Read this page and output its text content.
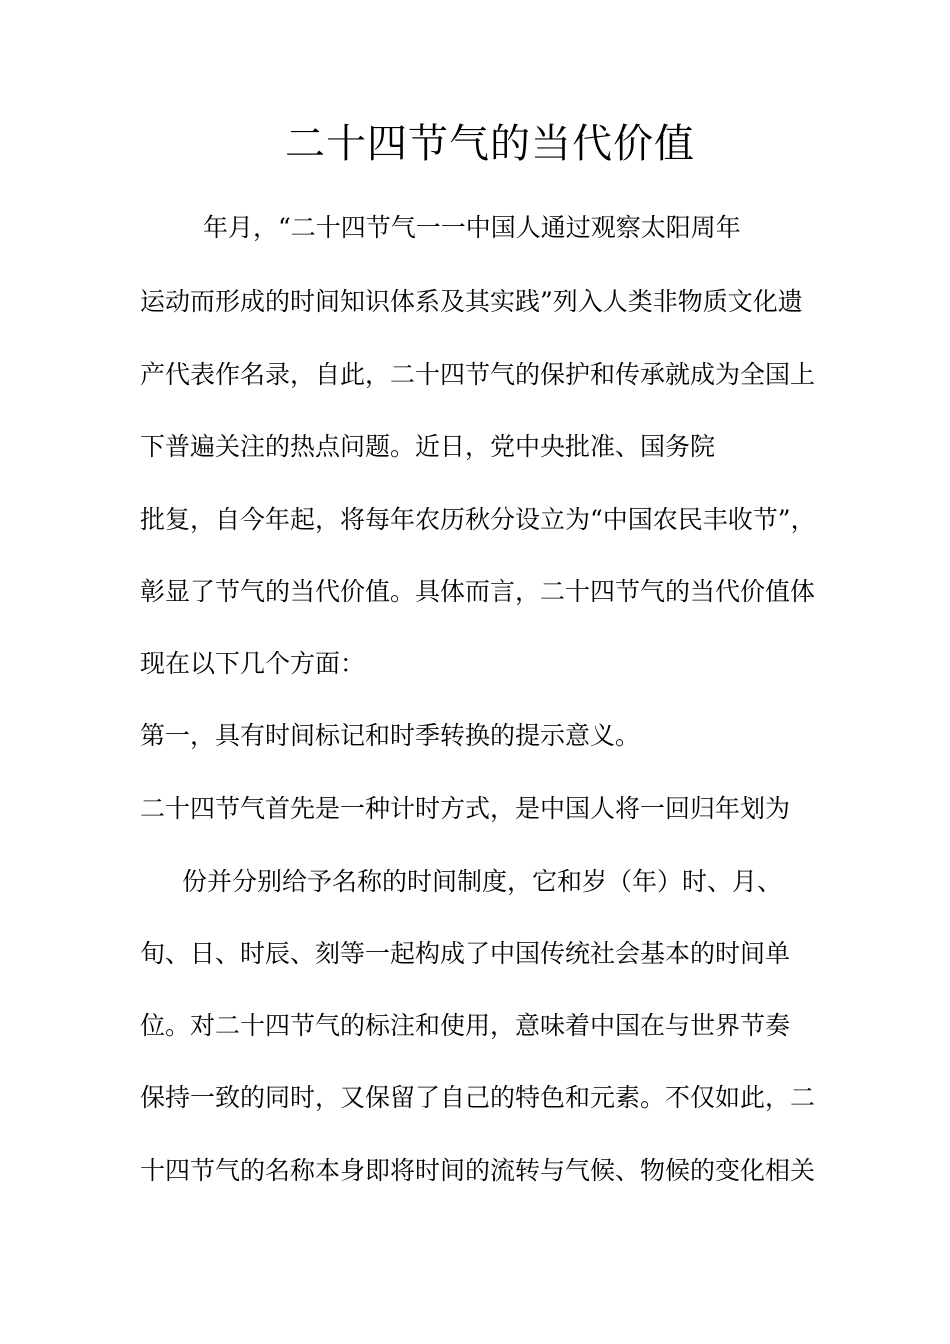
二十四节气的当代价值
年月，“二十四节气一一中国人通过观察太阳周年
运动而形成的时间知识体系及其实践”列入人类非物质文化遗
产代表作名录，自此，二十四节气的保护和传承就成为全国上
下普遍关注的热点问题。近日，党中央批准、国务院
批复，自今年起，将每年农历秋分设立为“中国农民丰收节”，
彰显了节气的当代价值。具体而言，二十四节气的当代价值体
现在以下几个方面：
第一，具有时间标记和时季转换的提示意义。
二十四节气首先是一种计时方式，是中国人将一回归年划为
份并分别给予名称的时间制度，它和岁（年）时、月、
旬、日、时辰、刻等一起构成了中国传统社会基本的时间单
位。对二十四节气的标注和使用，意味着中国在与世界节奏
保持一致的同时，又保留了自己的特色和元素。不仅如此，二
十四节气的名称本身即将时间的流转与气候、物候的变化相关
